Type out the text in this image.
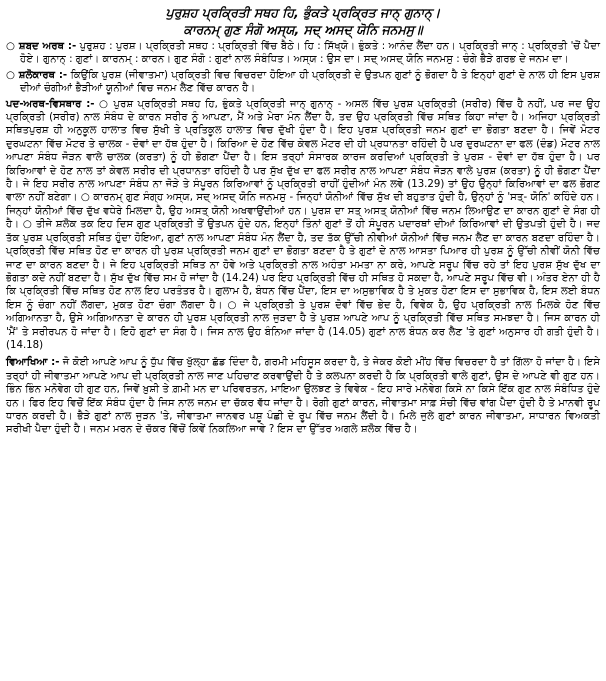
ਪੁਰੁਸ਼ਹ ਪ੍ਰਕ੍ਰਿਤੀ ਸਥਹ ਹਿ, ਭੁੰਕਤੇ ਪ੍ਰਕ੍ਰਿਤ ਜਾਨ੍ ਗੁਨਾਨ੍।

ਕਾਰਨਮ੍ ਗੁਣ ਸੰਗੋ ਅਸ੍ਯ, ਸਦ੍ ਅਸਦ੍ ਯੋਨਿ ਜਨਮਸੁ॥

○ ਸ਼ਬਦ ਅਰਥ :- ਪੁਰੁਸ਼ਹ : ਪੁਰਸ਼। ਪ੍ਰਕ੍ਰਿਤੀ ਸਥਹ : ਪ੍ਰਕ੍ਰਿਤੀ ਵਿੱਚ ਬੈਠੇ। ਹਿ : ਸਿੱਖ੍ਯੋ। ਭੁੰਕਤੇ : ਆਨੰਦ ਲੈਂਦਾ ਹਨ। ਪ੍ਰਕ੍ਰਿਤੀ ਜਾਨ੍ : ਪ੍ਰਕ੍ਰਿਤੀ 'ਚੋਂ ਪੈਦਾ ਹੋਏ। ਗੁਨਾਨ੍ : ਗੁਣਾਂ। ਕਾਰਨਮ੍ : ਕਾਰਨ। ਗੁਣ ਸੰਗੋ : ਗੁਣਾਂ ਨਾਲ ਸੰਬੰਧਿਤ। ਅਸ੍ਯ : ਉਸ ਦਾ। ਸਦ੍ ਅਸਦ੍ ਯੋਨਿ ਜਨਮਸੁ : ਚੰਗੇ ਭੈੜੇ ਗਰਭ ਦੇ ਜਨਮ ਦਾ।

○ ਸ਼ਲੋਕਾਰਥ :- ਕਿਉਂਕਿ ਪੁਰਸ਼ (ਜੀਵਾਤਮਾ) ਪ੍ਰਕ੍ਰਿਤੀ ਵਿਚ ਵਿਚਰਦਾ ਹੋਇਆ ਹੀ ਪ੍ਰਕ੍ਰਿਤੀ ਦੇ ਉਤਪਨ ਗੁਣਾਂ ਨੂੰ ਭੋਗਦਾ ਹੈ ਤੇ ਇਨ੍ਹਾਂ ਗੁਣਾਂ ਦੇ ਨਾਲ ਹੀ ਇਸ ਪੁਰਸ਼ ਦੀਆਂ ਚੰਗੀਆਂ ਭੈੜੀਆਂ ਯੂਨੀਆਂ ਵਿਚ ਜਨਮ ਲੈਣ ਵਿੱਚ ਕਾਰਨ ਹੈ।

ਪਦ-ਅਰਥ-ਵਿਸਥਾਰ :- ○ ਪੁਰਸ਼ ਪ੍ਰਕ੍ਰਿਤੀ ਸਥਹ ਹਿ, ਭੁੰਕਤੇ ਪ੍ਰਕ੍ਰਿਤੀ ਜਾਨ੍ ਗੁਨਾਨ੍ - ਅਸਲ ਵਿੱਚ ਪੁਰਸ਼ ਪ੍ਰਕ੍ਰਿਤੀ (ਸਰੀਰ) ਵਿੱਚ ਹੈ ਨਹੀਂ, ਪਰ ਜਦ ਉਹ ਪ੍ਰਕ੍ਰਿਤੀ (ਸਰੀਰ) ਨਾਲ ਸੰਬੰਧ ਦੇ ਕਾਰਨ ਸਰੀਰ ਨੂੰ ਆਪਣਾ, ਮੈਂ ਅਤੇ ਮੇਰਾ ਮੰਨ ਲੈਂਦਾ ਹੈ, ਤਦ ਉਹ ਪ੍ਰਕ੍ਰਿਤੀ ਵਿੱਚ ਸਥਿਤ ਕਿਹਾ ਜਾਂਦਾ ਹੈ। ਅਜਿਹਾ ਪ੍ਰਕ੍ਰਿਤੀ ਸਥਿਤਪੁਰਸ਼ ਹੀ ਅਨੁਕੂਲ ਹਾਲਾਤ ਵਿਚ ਸੁੱਖੀ ਤੇ ਪ੍ਰਤਿਕੂਲ ਹਾਲਾਤ ਵਿਚ ਦੁੱਖੀ ਹੁੰਦਾ ਹੈ। ਇਹ ਪੁਰਸ਼ ਪ੍ਰਕ੍ਰਿਤੀ ਜਨਮ ਗੁਣਾਂ ਦਾ ਭੋਗਤਾ ਬਣਦਾ ਹੈ। ਜਿਵੇਂ ਮੋਟਰ ਦੁਰਘਟਨਾ ਵਿੱਚ ਮੋਟਰ ਤੇ ਚਾਲਕ - ਦੋਵਾਂ ਦਾ ਹੱਥ ਹੁੰਦਾ ਹੈ। ਕਿਰਿਆ ਦੇ ਹੋਣ ਵਿੱਚ ਕੇਵਲ ਮੋਟਰ ਦੀ ਹੀ ਪ੍ਰਧਾਨਤਾ ਰਹਿੰਦੀ ਹੈ ਪਰ ਦੁਰਘਟਨਾ ਦਾ ਫਲ (ਦੰਡ) ਮੋਟਰ ਨਾਲ ਆਪਣਾ ਸੰਬੰਧ ਜੋੜਨ ਵਾਲੇ ਚਾਲਕ (ਕਰਤਾ) ਨੂੰ ਹੀ ਭੋਗਣਾ ਪੈਂਦਾ ਹੈ। ਇਸ ਤਰ੍ਹਾਂ ਸੰਸਾਰਕ ਕਾਰਜ ਕਰਦਿਆਂ ਪ੍ਰਕ੍ਰਿਤੀ ਤੇ ਪੁਰਸ਼ - ਦੋਵਾਂ ਦਾ ਹੱਥ ਹੁੰਦਾ ਹੈ। ਪਰ ਕਿਰਿਆਵਾਂ ਦੇ ਹੋਣ ਨਾਲ ਤਾਂ ਕੇਵਲ ਸਰੀਰ ਦੀ ਪ੍ਰਧਾਨਤਾ ਰਹਿੰਦੀ ਹੈ ਪਰ ਸੁੱਖ ਦੁੱਖ ਦਾ ਫਲ ਸਰੀਰ ਨਾਲ ਆਪਣਾ ਸੰਬੰਧ ਜੋੜਨ ਵਾਲੇ ਪੁਰਸ਼ (ਕਰਤਾ) ਨੂੰ ਹੀ ਭੋਗਣਾ ਪੈਂਦਾ ਹੈ। ਜੇ ਇਹ ਸਰੀਰ ਨਾਲ ਆਪਣਾ ਸੰਬੰਧ ਨਾ ਜੋੜੇ ਤੇ ਸੰਪੂਰਨ ਕਿਰਿਆਵਾਂ ਨੂੰ ਪ੍ਰਕ੍ਰਿਤੀ ਰਾਹੀਂ ਹੁੰਦੀਆਂ ਮੰਨ ਲਵੇ (13.29) ਤਾਂ ਉਹ ਉਨ੍ਹਾਂ ਕਿਰਿਆਵਾਂ ਦਾ ਫਲ ਭੋਗਣ ਵਾਲਾ ਨਹੀਂ ਬਣੇਗਾ। ○ ਕਾਰਨਮ੍ ਗੁਣ ਸੰਗ੍ਹ ਅਸ੍ਯ, ਸਦ੍ ਅਸਦ੍ ਯੋਨਿ ਜਨਮਸੁ - ਜਿਨ੍ਹਾਂ ਯੋਨੀਆਂ ਵਿੱਚ ਸੁੱਖ ਦੀ ਬਹੁਤਾਤ ਹੁੰਦੀ ਹੈ, ਉਨ੍ਹਾਂ ਨੂੰ 'ਸਤ੍- ਯੋਨਿ' ਕਹਿੰਦੇ ਹਨ। ਜਿਨ੍ਹਾਂ ਯੋਨੀਆਂ ਵਿੱਚ ਦੁੱਖ ਵਧੇਰੇ ਮਿਲਦਾ ਹੈ, ਉਹ ਅਸਤ੍ ਯੋਨੀ ਅਖਵਾਉਂਦੀਆਂ ਹਨ। ਪੁਰਸ਼ ਦਾ ਸਤ੍ ਅਸਤ੍ ਯੋਨੀਆਂ ਵਿੱਚ ਜਨਮ ਲਿਆਉਣ ਦਾ ਕਾਰਨ ਗੁਣਾਂ ਦੇ ਸੰਗ ਹੀ ਹੈ। ○ ਤੀਜੇ ਸ਼ਲੋਕ ਤਕ ਇਹ ਦਿਸ ਗੁਣ ਪ੍ਰਕ੍ਰਿਤੀ ਤੋਂ ਉਤਪਨ ਹੁੰਦੇ ਹਨ, ਇਨ੍ਹਾਂ ਤਿੰਨਾਂ ਗੁਣਾਂ ਤੋਂ ਹੀ ਸੰਪੂਰਨ ਪਦਾਰਥਾਂ ਦੀਆਂ ਕਿਰਿਆਵਾਂ ਦੀ ਉਤਪਤੀ ਹੁੰਦੀ ਹੈ। ਜਦ ਤੱਕ ਪੁਰਸ਼ ਪ੍ਰਕ੍ਰਿਤੀ ਸਥਿਤ ਹੁੰਦਾ ਹੋਇਆ, ਗੁਣਾਂ ਨਾਲ ਆਪਣਾ ਸੰਬੰਧ ਮੰਨ ਲੈਂਦਾ ਹੈ, ਤਦ ਤੱਕ ਉੱਚੀ ਨੀਵੀਆਂ ਯੋਨੀਆਂ ਵਿੱਚ ਜਨਮ ਲੈਣ ਦਾ ਕਾਰਨ ਬਣਦਾ ਰਹਿੰਦਾ ਹੈ। ਪ੍ਰਕ੍ਰਿਤੀ ਵਿੱਚ ਸਥਿਤ ਹੋਣ ਦਾ ਕਾਰਨ ਹੀ ਪੁਰਸ਼ ਪ੍ਰਕ੍ਰਿਤੀ ਜਨਮ ਗੁਣਾਂ ਦਾ ਭੋਗਤਾ ਬਣਦਾ ਹੈ ਤੇ ਗੁਣਾਂ ਦੇ ਨਾਲ ਆਸਤਾ ਪਿਆਰ ਹੀ ਪੁਰਸ਼ ਨੂੰ ਉੱਚੀ ਨੀਵੀਂ ਯੋਨੀ ਵਿੱਚ ਜਾਣ ਦਾ ਕਾਰਨ ਬਣਦਾ ਹੈ। ਜੇ ਇਹ ਪ੍ਰਕ੍ਰਿਤੀ ਸਥਿਤ ਨਾ ਹੋਵੇ ਅਤੇ ਪ੍ਰਕ੍ਰਿਤੀ ਨਾਲ ਅਹੰਤਾ ਮਮਤਾ ਨਾ ਕਰੇ, ਆਪਣੇ ਸਰੂਪ ਵਿੱਚ ਰਹੇ ਤਾਂ ਇਹ ਪੁਰਸ਼ ਸੁੱਖ ਦੁੱਖ ਦਾ ਭੋਗਤਾ ਕਦੇ ਨਹੀਂ ਬਣਦਾ ਹੈ। ਸੁੱਖ ਦੁੱਖ ਵਿੱਚ ਸਮ ਹੋ ਜਾਂਦਾ ਹੈ (14.24) ਪਰ ਇਹ ਪ੍ਰਕ੍ਰਿਤੀ ਵਿੱਚ ਹੀ ਸਥਿਤ ਹੋ ਸਕਦਾ ਹੈ, ਆਪਣੇ ਸਰੂਪ ਵਿੱਚ ਵੀ। ਅੰਤਰ ਏਨਾ ਹੀ ਹੈ ਕਿ ਪ੍ਰਕ੍ਰਿਤੀ ਵਿੱਚ ਸਥਿਤ ਹੋਣ ਨਾਲ ਇਹ ਪਰਤੰਤਰ ਹੈ। ਗੁਲਾਮ ਹੈ, ਬੰਧਨ ਵਿੱਚ ਪੈਂਦਾ, ਇਸ ਦਾ ਅਸੁਭਾਵਿਕ ਹੈ ਤੇ ਮੁਕਤ ਹੋਣਾ ਇਸ ਦਾ ਸੁਭਾਵਿਕ ਹੈ, ਇਸ ਲਈ ਬੰਧਨ ਇਸ ਨੂੰ ਚੰਗਾ ਨਹੀਂ ਲੱਗਦਾ, ਮੁਕਤ ਹੋਣਾ ਚੰਗਾ ਲੱਗਦਾ ਹੈ। ○ ਜੇ ਪ੍ਰਕ੍ਰਿਤੀ ਤੇ ਪੁਰਸ਼ ਦੋਵਾਂ ਵਿੱਚ ਭੇਦ ਹੈ, ਵਿਵੇਕ ਹੈ, ਉਹ ਪ੍ਰਕ੍ਰਿਤੀ ਨਾਲ ਮਿਲਕੇ ਹੋਣ ਵਿੱਚ ਅਗਿਆਨਤਾ ਹੈ, ਉਸੇ ਅਗਿਆਨਤਾ ਦੇ ਕਾਰਨ ਹੀ ਪੁਰਸ਼ ਪ੍ਰਕ੍ਰਿਤੀ ਨਾਲ ਜੁੜਦਾ ਹੈ ਤੇ ਪੁਰਸ਼ ਆਪਣੇ ਆਪ ਨੂੰ ਪ੍ਰਕ੍ਰਿਤੀ ਵਿੱਚ ਸਥਿਤ ਸਮਝਦਾ ਹੈ। ਜਿਸ ਕਾਰਨ ਹੀ 'ਮੈਂ' ਤੇ ਸਰੀਰਪਨ ਹੋ ਜਾਂਦਾ ਹੈ। ਇਹੋ ਗੁਣਾਂ ਦਾ ਸੰਗ ਹੈ। ਜਿਸ ਨਾਲ ਉਹ ਬੰਨਿਆ ਜਾਂਦਾ ਹੈ (14.05) ਗੁਣਾਂ ਨਾਲ ਬੰਧਨ ਕਰ ਲੈਣ 'ਤੇ ਗੁਣਾਂ ਅਨੁਸਾਰ ਹੀ ਗਤੀ ਹੁੰਦੀ ਹੈ। (14.18)

ਵਿਆਖਿਆ :- ਜੋ ਕੋਈ ਆਪਣੇ ਆਪ ਨੂੰ ਧੁੱਪ ਵਿੱਚ ਖੁੱਲ੍ਹਾ ਛੱਡ ਦਿੰਦਾ ਹੈ, ਗਰਮੀ ਮਹਿਸੂਸ ਕਰਦਾ ਹੈ, ਤੇ ਜੇਕਰ ਕੋਈ ਮੀਂਹ ਵਿੱਚ ਵਿਚਰਦਾ ਹੈ ਤਾਂ ਗਿੱਲਾ ਹੋ ਜਾਂਦਾ ਹੈ। ਇਸੇ ਤਰ੍ਹਾਂ ਹੀ ਜੀਵਾਤਮਾ ਆਪਣੇ ਆਪ ਦੀ ਪ੍ਰਕ੍ਰਿਤੀ ਨਾਲ ਜਾਣ ਪਹਿਚਾਣ ਕਰਵਾਉਂਦੀ ਹੈ ਤੇ ਕਲਪਨਾ ਕਰਦੀ ਹੈ ਕਿ ਪ੍ਰਕ੍ਰਿਤੀ ਵਾਲੇ ਗੁਣਾਂ, ਉਸ ਦੇ ਆਪਣੇ ਵੀ ਗੁਣ ਹਨ। ਭਿੰਨ ਭਿੰਨ ਮਨੋਵੇਗ ਹੀ ਗੁਣ ਹਨ, ਜਿਵੇਂ ਖ਼ੁਸ਼ੀ ਤੇ ਗ਼ਮੀ ਮਨ ਦਾ ਪਰਿਵਰਤਨ, ਮਾਇਆ ਉਲਝਣ ਤੇ ਵਿਵੇਕ - ਇਹ ਸਾਰੇ ਮਨੋਵੇਗ ਕਿਸੇ ਨਾ ਕਿਸੇ ਇੱਕ ਗੁਣ ਨਾਲ ਸੰਬੰਧਿਤ ਹੁੰਦੇ ਹਨ। ਫਿਰ ਇਹ ਵਿਚੋਂ ਇੱਕ ਸੰਬੰਧ ਹੁੰਦਾ ਹੈ ਜਿਸ ਨਾਲ ਜਨਮ ਦਾ ਚੱਕਰ ਵੱਧ ਜਾਂਦਾ ਹੈ। ਰੋਗੀ ਗੁਣਾਂ ਕਾਰਨ, ਜੀਵਾਤਮਾ ਸਾਫ਼ ਸੰਚੀ ਵਿੱਚ ਵਾਂਗ ਪੈਦਾ ਹੁੰਦੀ ਹੈ ਤੇ ਮਾਨਵੀ ਰੂਪ ਧਾਰਨ ਕਰਦੀ ਹੈ। ਭੈੜੇ ਗੁਣਾਂ ਨਾਲ ਜੁੜਨ 'ਤੇ, ਜੀਵਾਤਮਾ ਜਾਨਵਰ ਪਸ਼ੂ ਪੰਛੀ ਦੇ ਰੂਪ ਵਿੱਚ ਜਨਮ ਲੈਂਦੀ ਹੈ। ਮਿਲੇ ਜੁਲੇ ਗੁਣਾਂ ਕਾਰਨ ਜੀਵਾਤਮਾ, ਸਾਧਾਰਨ ਵਿਅਕਤੀ ਸਰੀਖੀ ਪੈਦਾ ਹੁੰਦੀ ਹੈ। ਜਨਮ ਮਰਨ ਦੇ ਚੱਕਰ ਵਿੱਚੋਂ ਕਿਵੇਂ ਨਿਕਲਿਆ ਜਾਵੇ ? ਇਸ ਦਾ ਉੱਤਰ ਅਗਲੇ ਸ਼ਲੋਕ ਵਿੱਚ ਹੈ।
